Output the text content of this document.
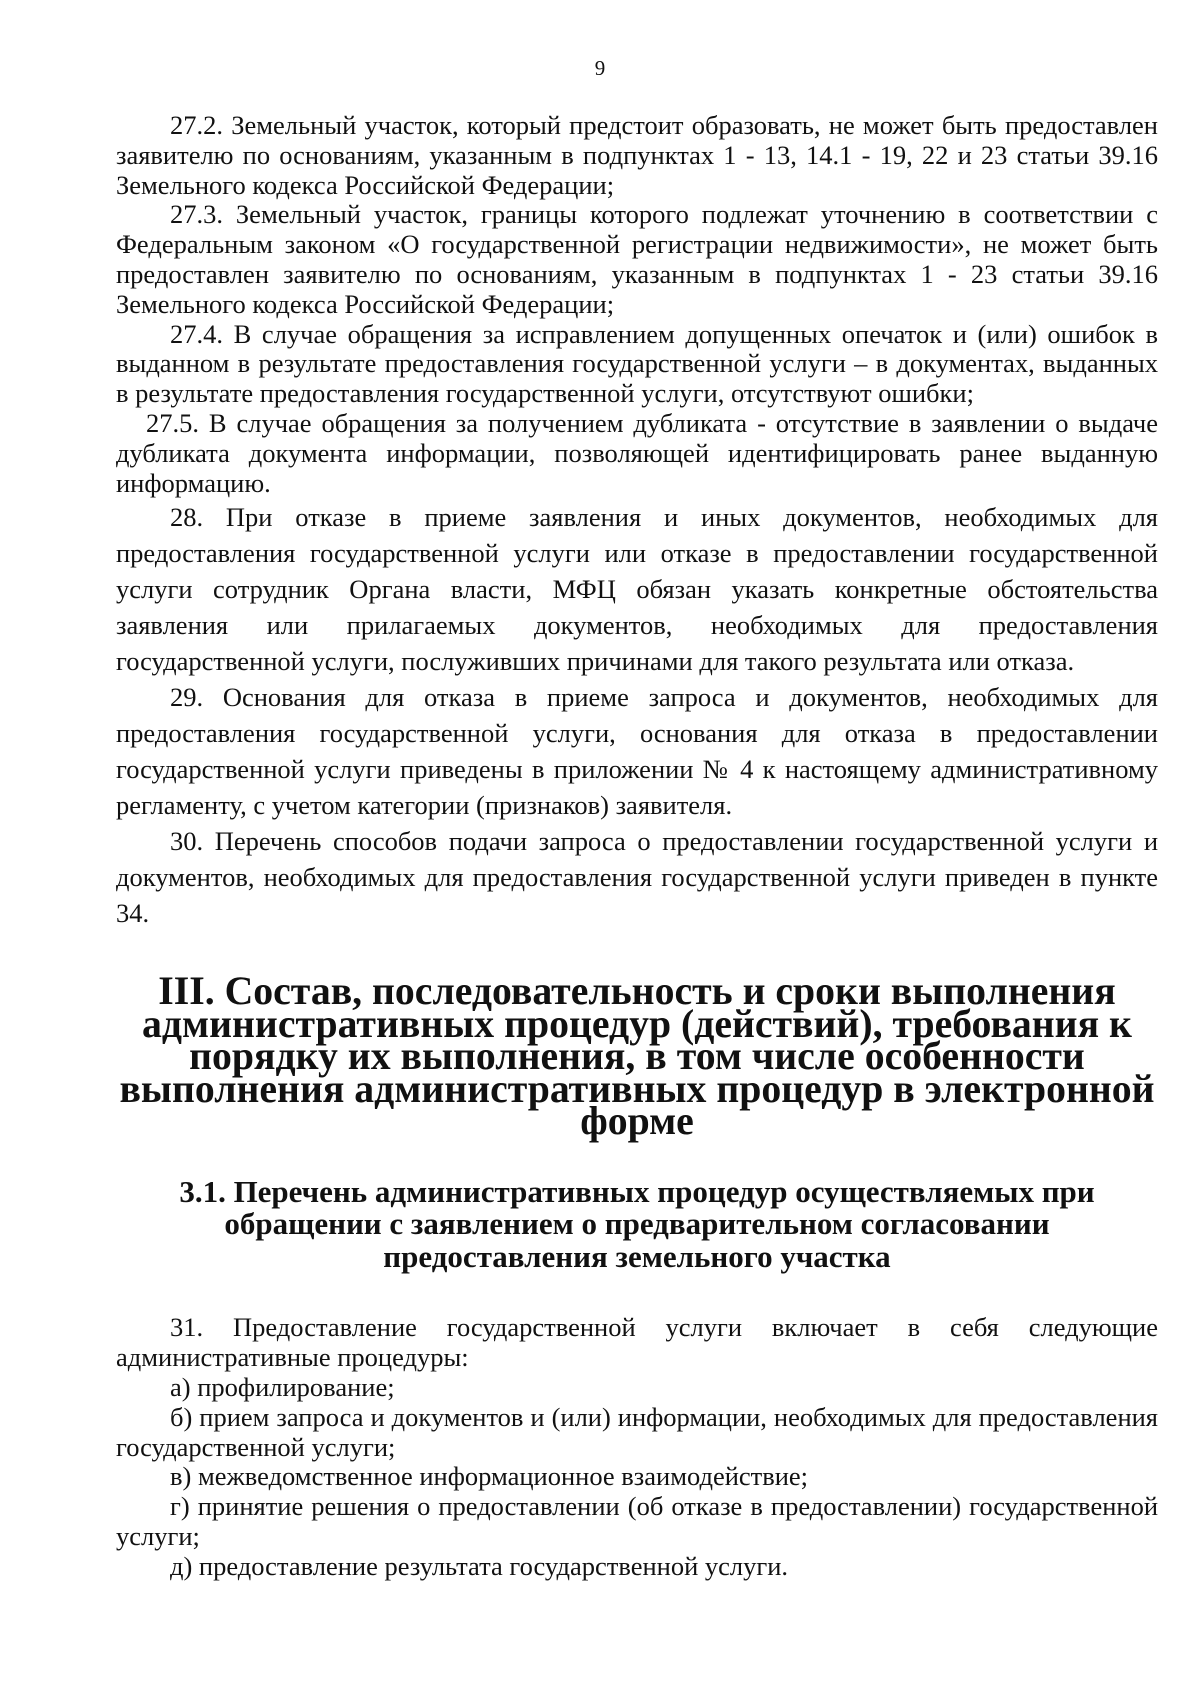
9

27.2. Земельный участок, который предстоит образовать, не может быть предоставлен заявителю по основаниям, указанным в подпунктах 1 - 13, 14.1 - 19, 22 и 23 статьи 39.16 Земельного кодекса Российской Федерации;

27.3. Земельный участок, границы которого подлежат уточнению в соответствии с Федеральным законом «О государственной регистрации недвижимости», не может быть предоставлен заявителю по основаниям, указанным в подпунктах 1 - 23 статьи 39.16 Земельного кодекса Российской Федерации;

27.4. В случае обращения за исправлением допущенных опечаток и (или) ошибок в выданном в результате предоставления государственной услуги – в документах, выданных в результате предоставления государственной услуги, отсутствуют ошибки;

27.5. В случае обращения за получением дубликата - отсутствие в заявлении о выдаче дубликата документа информации, позволяющей идентифицировать ранее выданную информацию.

28. При отказе в приеме заявления и иных документов, необходимых для предоставления государственной услуги или отказе в предоставлении государственной услуги сотрудник Органа власти, МФЦ обязан указать конкретные обстоятельства заявления или прилагаемых документов, необходимых для предоставления государственной услуги, послуживших причинами для такого результата или отказа.

29. Основания для отказа в приеме запроса и документов, необходимых для предоставления государственной услуги, основания для отказа в предоставлении государственной услуги приведены в приложении № 4 к настоящему административному регламенту, с учетом категории (признаков) заявителя.

30. Перечень способов подачи запроса о предоставлении государственной услуги и документов, необходимых для предоставления государственной услуги приведен в пункте 34.

III. Состав, последовательность и сроки выполнения административных процедур (действий), требования к порядку их выполнения, в том числе особенности выполнения административных процедур в электронной форме
3.1. Перечень административных процедур осуществляемых при обращении с заявлением о предварительном согласовании предоставления земельного участка

31. Предоставление государственной услуги включает в себя следующие административные процедуры:

а) профилирование;

б) прием запроса и документов и (или) информации, необходимых для предоставления государственной услуги;

в) межведомственное информационное взаимодействие;

г) принятие решения о предоставлении (об отказе в предоставлении) государственной услуги;

д) предоставление результата государственной услуги.
